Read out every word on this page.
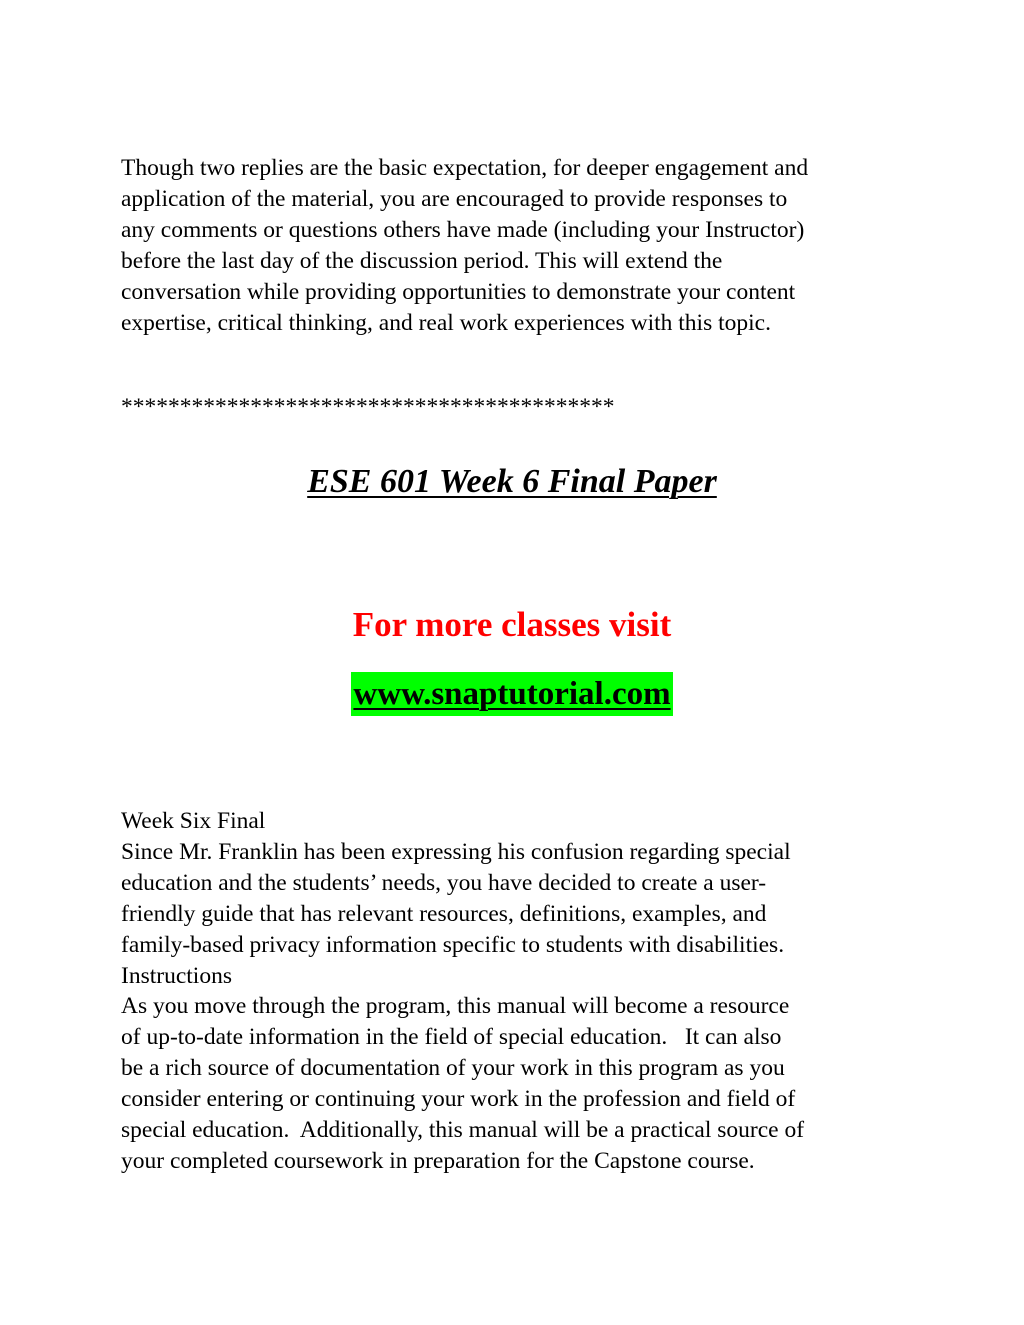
Though two replies are the basic expectation, for deeper engagement and
application of the material, you are encouraged to provide responses to
any comments or questions others have made (including your Instructor)
before the last day of the discussion period. This will extend the
conversation while providing opportunities to demonstrate your content
expertise, critical thinking, and real work experiences with this topic.
******************************************
ESE 601 Week 6 Final Paper
For more classes visit
www.snaptutorial.com
Week Six Final
Since Mr. Franklin has been expressing his confusion regarding special
education and the students’ needs, you have decided to create a user-
friendly guide that has relevant resources, definitions, examples, and
family-based privacy information specific to students with disabilities.
Instructions
As you move through the program, this manual will become a resource
of up-to-date information in the field of special education.   It can also
be a rich source of documentation of your work in this program as you
consider entering or continuing your work in the profession and field of
special education.  Additionally, this manual will be a practical source of
your completed coursework in preparation for the Capstone course.
